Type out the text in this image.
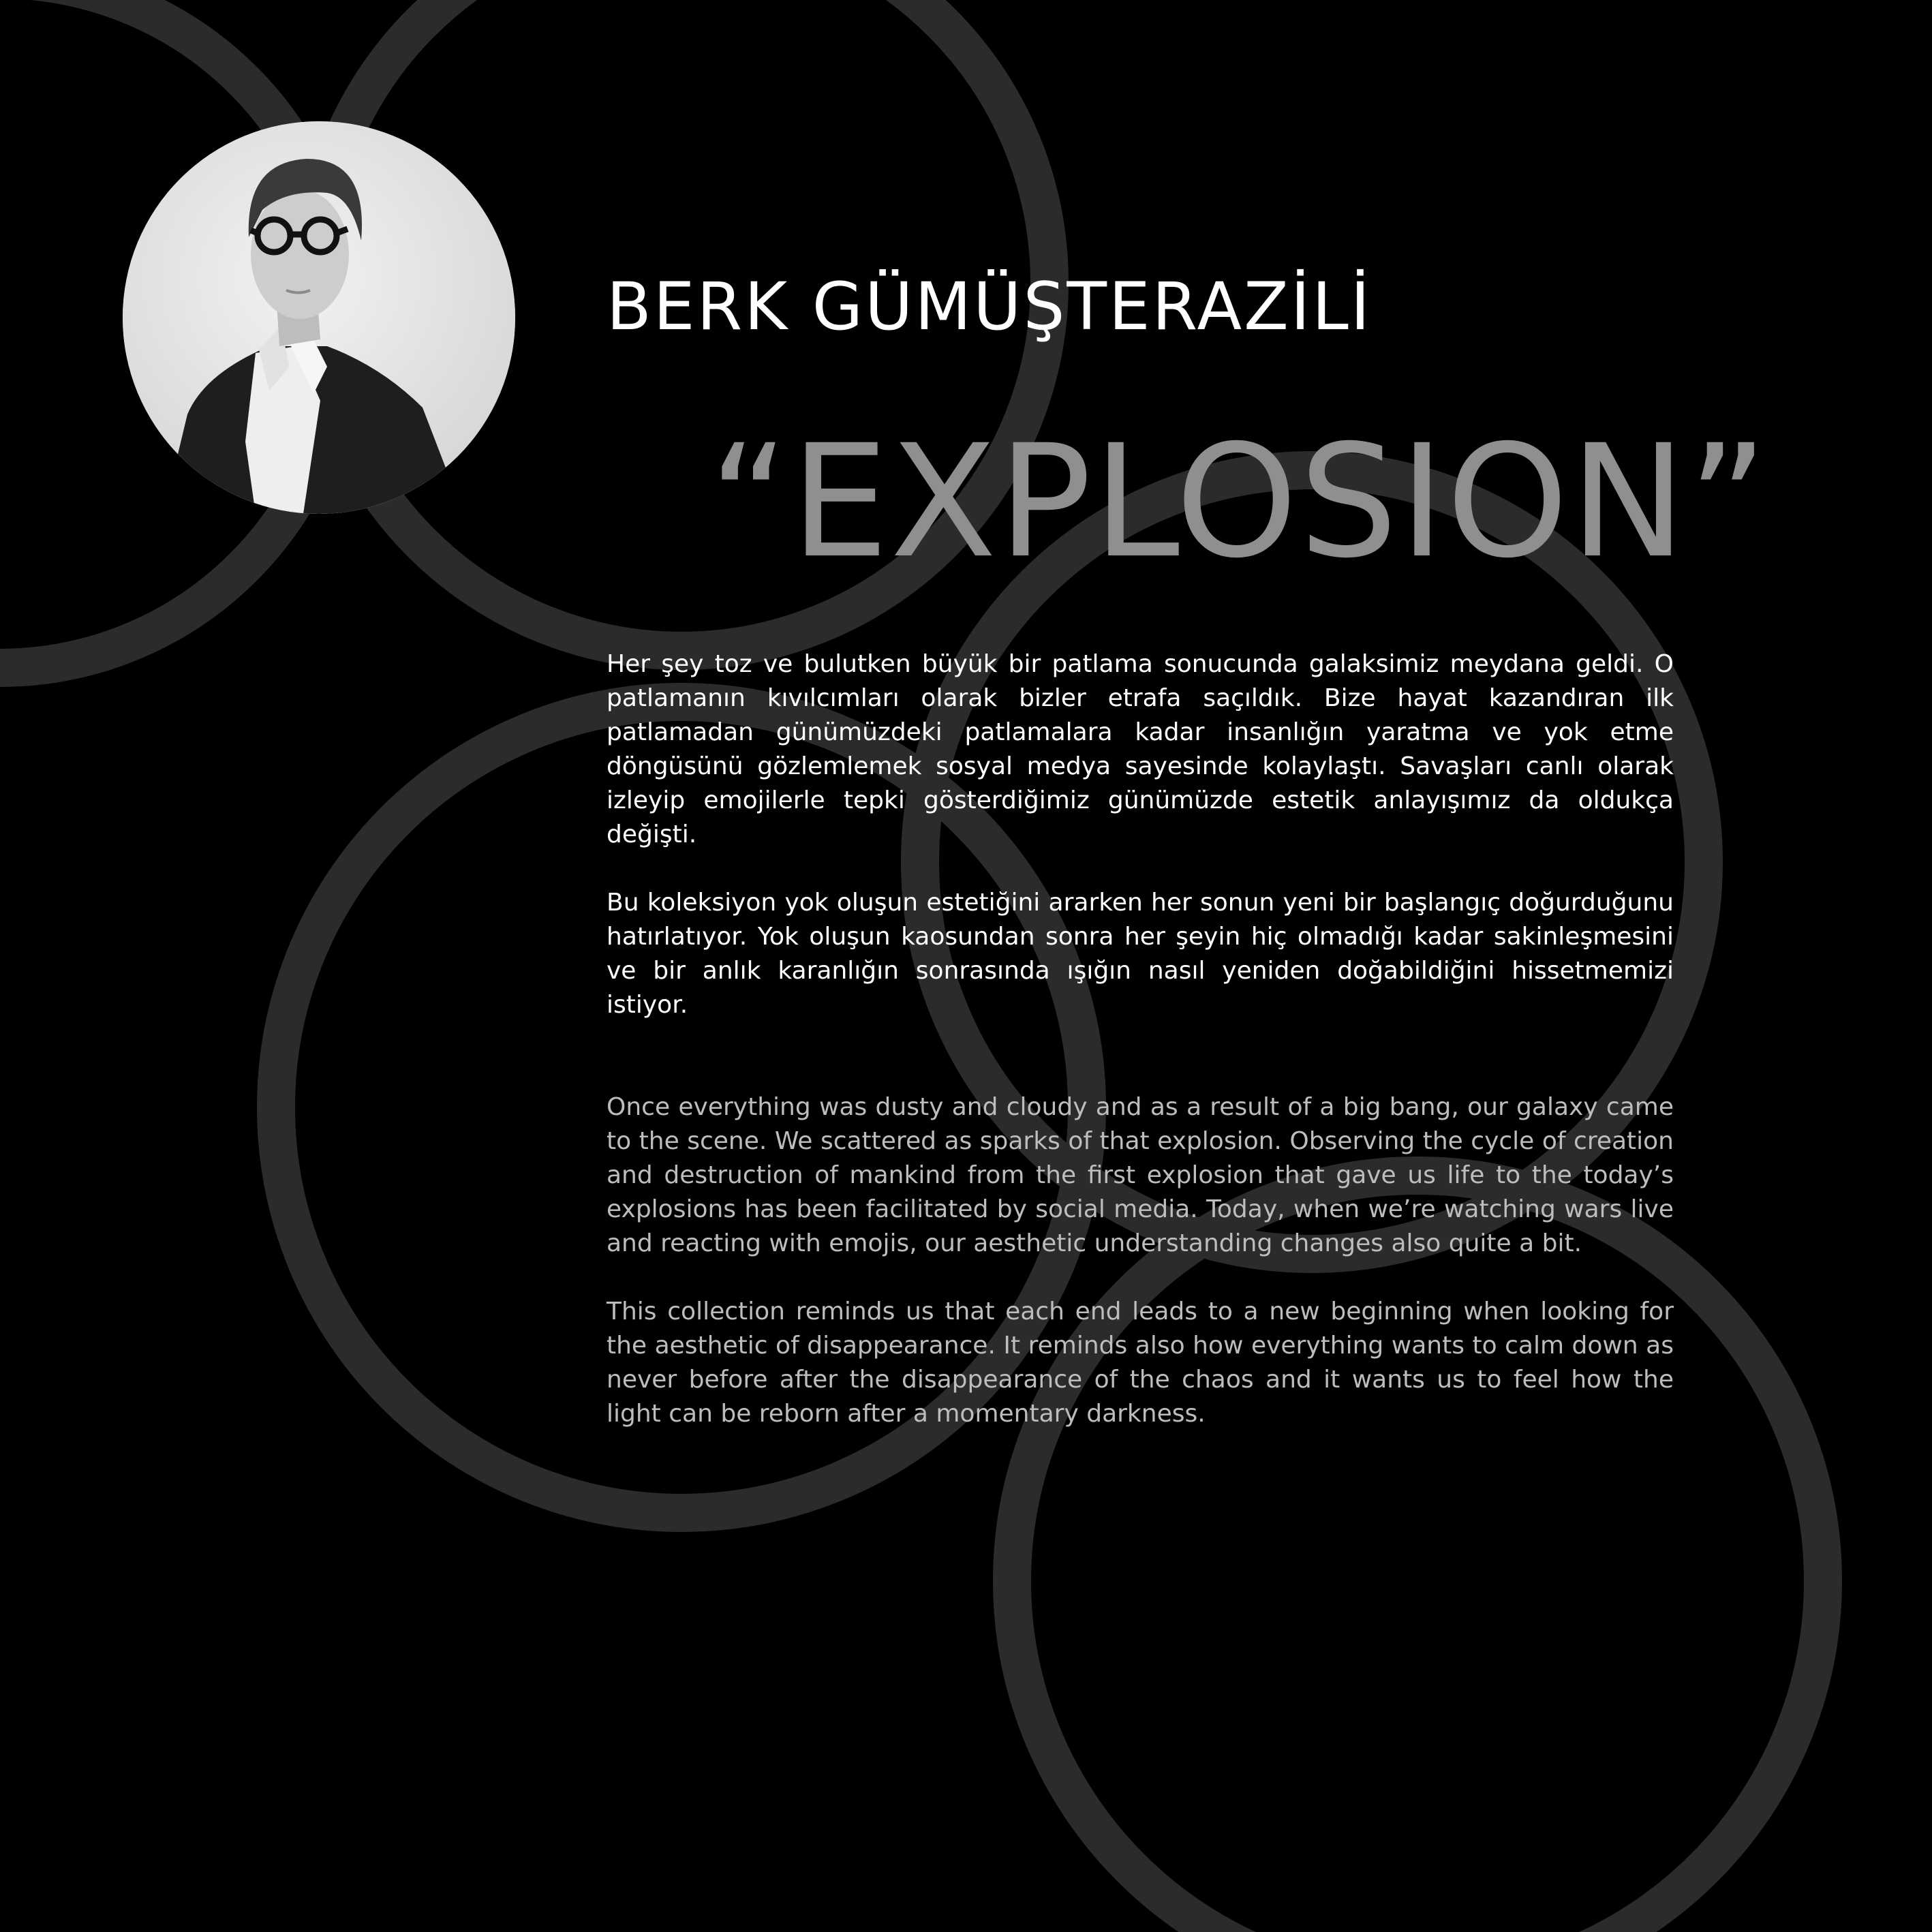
BERK GÜMÜŞTERAZİLİ
“EXPLOSION”

Her şey toz ve bulutken büyük bir patlama sonucunda galaksimiz meydana geldi. O patlamanın kıvılcımları olarak bizler etrafa saçıldık. Bize hayat kazandıran ilk patlamadan günümüzdeki patlamalara kadar insanlığın yaratma ve yok etme döngüsünü gözlemlemek sosyal medya sayesinde kolaylaştı. Savaşları canlı olarak izleyip emojilerle tepki gösterdiğimiz günümüzde estetik anlayışımız da oldukça değişti.

Bu koleksiyon yok oluşun estetiğini ararken her sonun yeni bir başlangıç doğurduğunu hatırlatıyor. Yok oluşun kaosundan sonra her şeyin hiç olmadığı kadar sakinleşmesini ve bir anlık karanlığın sonrasında ışığın nasıl yeniden doğabildiğini hissetmemizi istiyor.

Once everything was dusty and cloudy and as a result of a big bang, our galaxy came to the scene. We scattered as sparks of that explosion. Observing the cycle of creation and destruction of mankind from the first explosion that gave us life to the today’s explosions has been facilitated by social media. Today, when we’re watching wars live and reacting with emojis, our aesthetic understanding changes also quite a bit.

This collection reminds us that each end leads to a new beginning when looking for the aesthetic of disappearance. It reminds also how everything wants to calm down as never before after the disappearance of the chaos and it wants us to feel how the light can be reborn after a momentary darkness.
